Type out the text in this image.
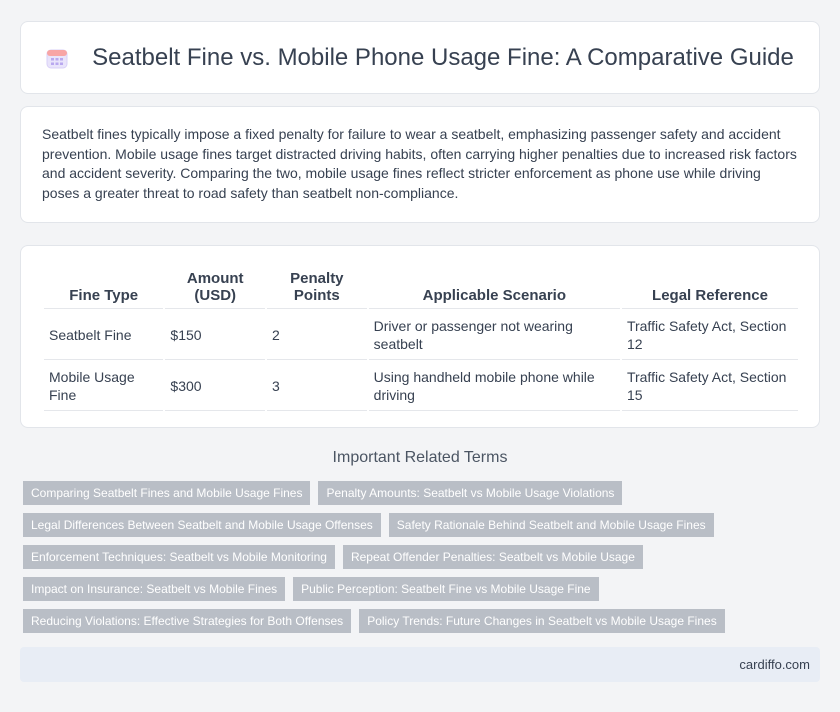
Seatbelt Fine vs. Mobile Phone Usage Fine: A Comparative Guide

Seatbelt fines typically impose a fixed penalty for failure to wear a seatbelt, emphasizing passenger safety and accident prevention. Mobile usage fines target distracted driving habits, often carrying higher penalties due to increased risk factors and accident severity. Comparing the two, mobile usage fines reflect stricter enforcement as phone use while driving poses a greater threat to road safety than seatbelt non-compliance.

Fine Type	Amount (USD)	Penalty Points	Applicable Scenario	Legal Reference
Seatbelt Fine	$150	2	Driver or passenger not wearing seatbelt	Traffic Safety Act, Section 12
Mobile Usage Fine	$300	3	Using handheld mobile phone while driving	Traffic Safety Act, Section 15
Important Related Terms
Comparing Seatbelt Fines and Mobile Usage Fines	Penalty Amounts: Seatbelt vs Mobile Usage Violations
Legal Differences Between Seatbelt and Mobile Usage Offenses	Safety Rationale Behind Seatbelt and Mobile Usage Fines
Enforcement Techniques: Seatbelt vs Mobile Monitoring	Repeat Offender Penalties: Seatbelt vs Mobile Usage
Impact on Insurance: Seatbelt vs Mobile Fines	Public Perception: Seatbelt Fine vs Mobile Usage Fine
Reducing Violations: Effective Strategies for Both Offenses	Policy Trends: Future Changes in Seatbelt vs Mobile Usage Fines
cardiffo.com
